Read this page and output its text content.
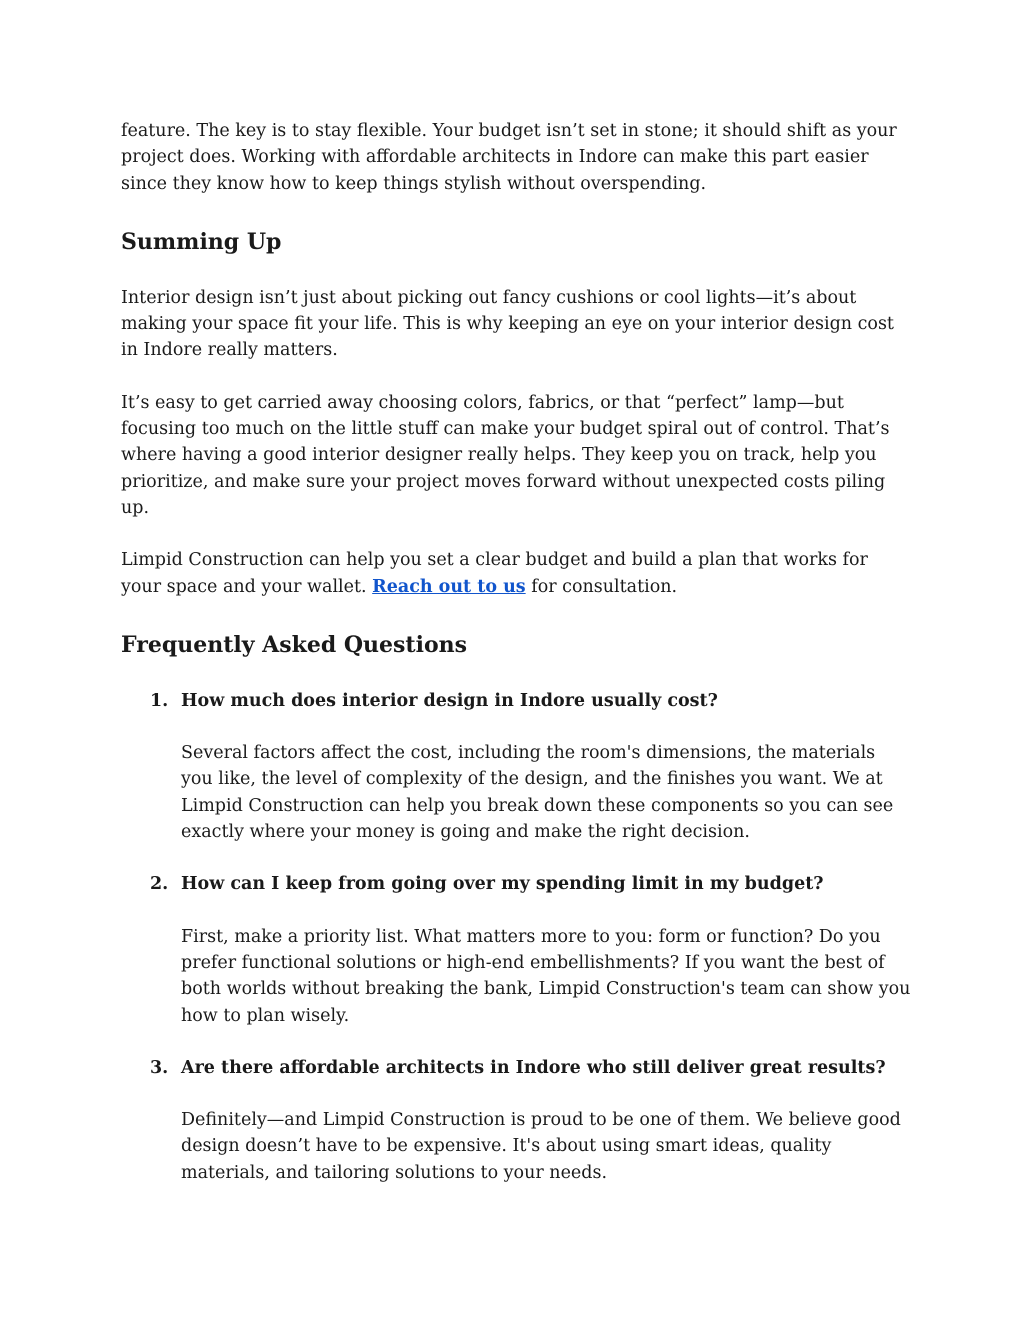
feature. The key is to stay flexible. Your budget isn’t set in stone; it should shift as your project does. Working with affordable architects in Indore can make this part easier since they know how to keep things stylish without overspending.

Summing Up

Interior design isn’t just about picking out fancy cushions or cool lights—it’s about making your space fit your life. This is why keeping an eye on your interior design cost in Indore really matters.

It’s easy to get carried away choosing colors, fabrics, or that “perfect” lamp—but focusing too much on the little stuff can make your budget spiral out of control. That’s where having a good interior designer really helps. They keep you on track, help you prioritize, and make sure your project moves forward without unexpected costs piling up.

Limpid Construction can help you set a clear budget and build a plan that works for your space and your wallet. Reach out to us for consultation.

Frequently Asked Questions
1. How much does interior design in Indore usually cost?

Several factors affect the cost, including the room's dimensions, the materials you like, the level of complexity of the design, and the finishes you want. We at Limpid Construction can help you break down these components so you can see exactly where your money is going and make the right decision.

2. How can I keep from going over my spending limit in my budget?

First, make a priority list. What matters more to you: form or function? Do you prefer functional solutions or high-end embellishments? If you want the best of both worlds without breaking the bank, Limpid Construction's team can show you how to plan wisely.

3. Are there affordable architects in Indore who still deliver great results?

Definitely—and Limpid Construction is proud to be one of them. We believe good design doesn’t have to be expensive. It's about using smart ideas, quality materials, and tailoring solutions to your needs.
